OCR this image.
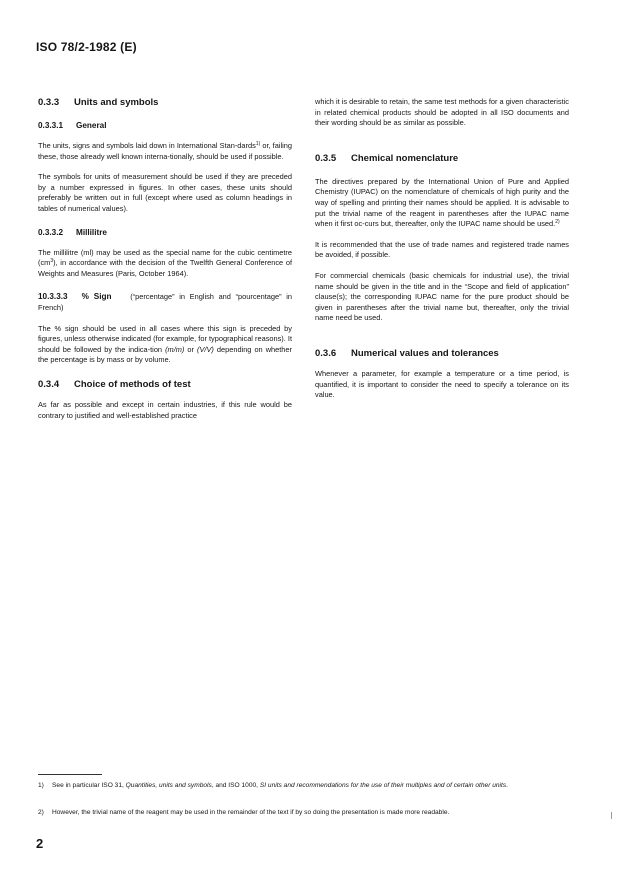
ISO 78/2-1982 (E)
0.3.3 Units and symbols
0.3.3.1 General

The units, signs and symbols laid down in International Stan-dards$^{1)}$ or, failing these, those already well known interna-tionally, should be used if possible.

The symbols for units of measurement should be used if they are preceded by a number expressed in figures. In other cases, these units should preferably be written out in full (except where used as column headings in tables of numerical values).

0.3.3.2 Millilitre

The millilitre (ml) may be used as the special name for the cubic centimetre $(cm^3)$, in accordance with the decision of the Twelfth General Conference of Weights and Measures (Paris, October 1964).

10.3.3.3 % Sign	(“percentage” in English and “pourcentage” in French)

The % sign should be used in all cases where this sign is preceded by figures, unless otherwise indicated (for example, for typographical reasons). It should be followed by the indica-tion (m/m) or (V/V) depending on whether the percentage is by mass or by volume.

0.3.4 Choice of methods of test

As far as possible and except in certain industries, if this rule would be contrary to justified and well-established practice

which it is desirable to retain, the same test methods for a given characteristic in related chemical products should be adopted in all ISO documents and their wording should be as similar as possible.

0.3.5 Chemical nomenclature

The directives prepared by the International Union of Pure and Applied Chemistry (IUPAC) on the nomenclature of chemicals of high purity and the way of spelling and printing their names should be applied. It is advisable to put the trivial name of the reagent in parentheses after the IUPAC name when it first oc-curs but, thereafter, only the IUPAC name should be used.$^{2)}$

It is recommended that the use of trade names and registered trade names be avoided, if possible.

For commercial chemicals (basic chemicals for industrial use), the trivial name should be given in the title and in the “Scope and field of application” clause(s); the corresponding IUPAC name for the pure product should be given in parentheses after the trivial name but, thereafter, only the trivial name need be used.

0.3.6 Numerical values and tolerances

Whenever a parameter, for example a temperature or a time period, is quantified, it is important to consider the need to specify a tolerance on its value.

1) See in particular ISO 31, Quantities, units and symbols, and ISO 1000, SI units and recommendations for the use of their multiples and of certain other units.
2) However, the trivial name of the reagent may be used in the remainder of the text if by so doing the presentation is made more readable.
2
